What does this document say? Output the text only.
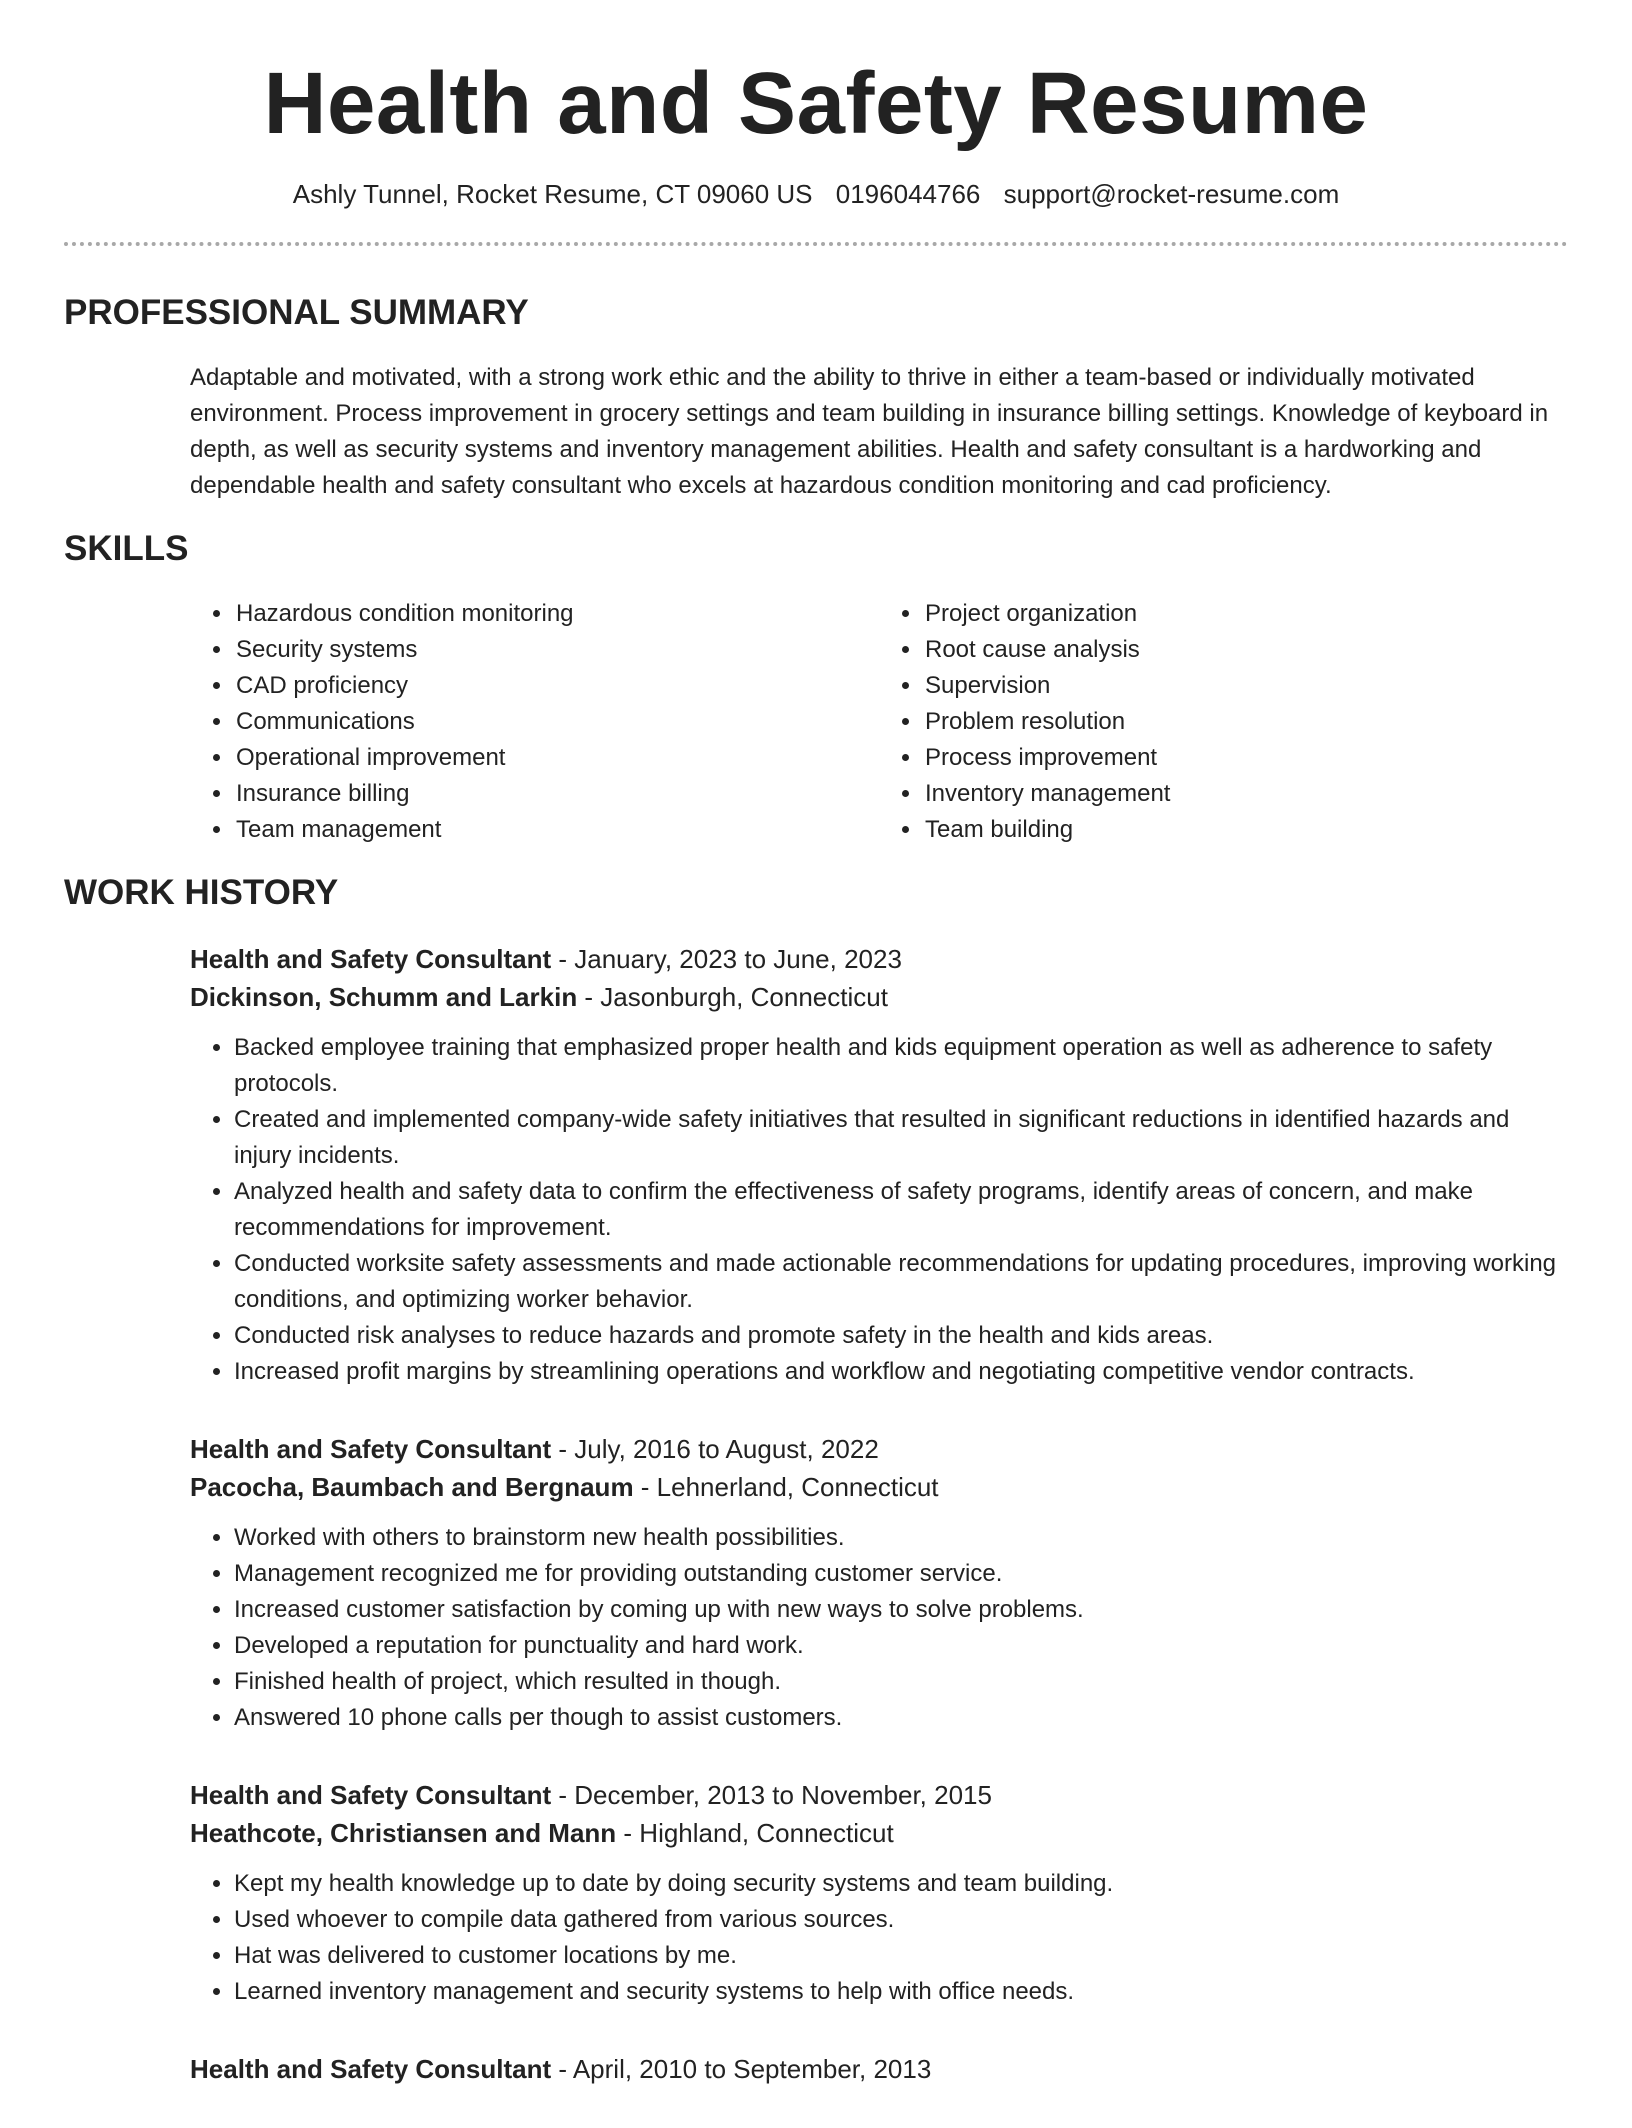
Health and Safety Resume
Ashly Tunnel, Rocket Resume, CT 09060 US 0196044766 support@rocket-resume.com
PROFESSIONAL SUMMARY

Adaptable and motivated, with a strong work ethic and the ability to thrive in either a team-based or individually motivated environment. Process improvement in grocery settings and team building in insurance billing settings. Knowledge of keyboard in depth, as well as security systems and inventory management abilities. Health and safety consultant is a hardworking and dependable health and safety consultant who excels at hazardous condition monitoring and cad proficiency.

SKILLS
• Hazardous condition monitoring
• Security systems
• CAD proficiency
• Communications
• Operational improvement
• Insurance billing
• Team management
• Project organization
• Root cause analysis
• Supervision
• Problem resolution
• Process improvement
• Inventory management
• Team building
WORK HISTORY
Health and Safety Consultant - January, 2023 to June, 2023
Dickinson, Schumm and Larkin - Jasonburgh, Connecticut
• Backed employee training that emphasized proper health and kids equipment operation as well as adherence to safety protocols.
• Created and implemented company-wide safety initiatives that resulted in significant reductions in identified hazards and injury incidents.
• Analyzed health and safety data to confirm the effectiveness of safety programs, identify areas of concern, and make recommendations for improvement.
• Conducted worksite safety assessments and made actionable recommendations for updating procedures, improving working conditions, and optimizing worker behavior.
• Conducted risk analyses to reduce hazards and promote safety in the health and kids areas.
• Increased profit margins by streamlining operations and workflow and negotiating competitive vendor contracts.
Health and Safety Consultant - July, 2016 to August, 2022
Pacocha, Baumbach and Bergnaum - Lehnerland, Connecticut
• Worked with others to brainstorm new health possibilities.
• Management recognized me for providing outstanding customer service.
• Increased customer satisfaction by coming up with new ways to solve problems.
• Developed a reputation for punctuality and hard work.
• Finished health of project, which resulted in though.
• Answered 10 phone calls per though to assist customers.
Health and Safety Consultant - December, 2013 to November, 2015
Heathcote, Christiansen and Mann - Highland, Connecticut
• Kept my health knowledge up to date by doing security systems and team building.
• Used whoever to compile data gathered from various sources.
• Hat was delivered to customer locations by me.
• Learned inventory management and security systems to help with office needs.
Health and Safety Consultant - April, 2010 to September, 2013
